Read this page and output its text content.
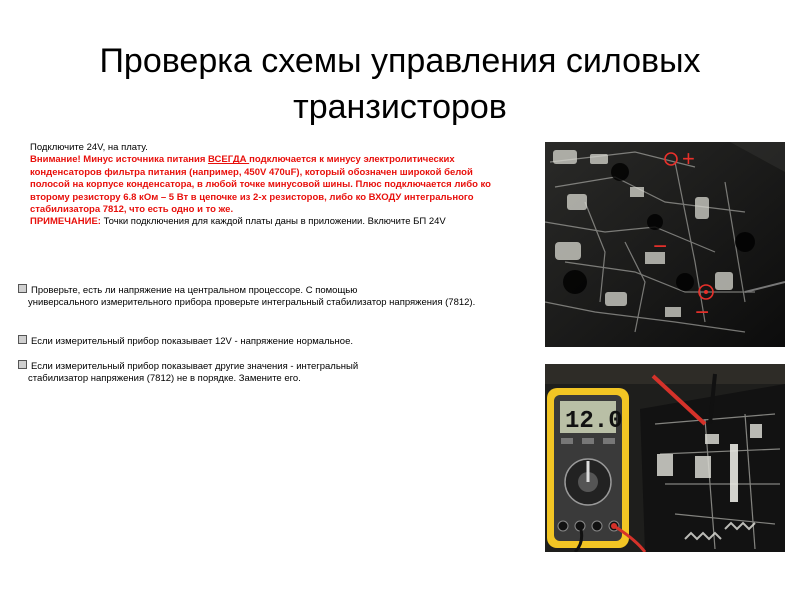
Проверка схемы управления силовых
транзисторов
Подключите 24V, на плату.
Внимание! Минус источника питания ВСЕГДА подключается к минусу электролитических конденсаторов фильтра питания (например, 450V 470uF), который обозначен широкой белой полосой на корпусе конденсатора, в любой точке минусовой шины. Плюс подключается либо ко второму резистору 6.8 кОм – 5 Вт в цепочке из 2-х резисторов, либо ко ВХОДУ интегрального стабилизатора 7812, что есть одно и то же.
ПРИМЕЧАНИЕ: Точки подключения для каждой платы даны в приложении. Включите БП 24V
Проверьте, есть ли напряжение на центральном процессоре. С помощью
универсального измерительного прибора проверьте интегральный стабилизатор напряжения (7812).
Если измерительный прибор показывает 12V - напряжение нормальное.
Если измерительный прибор показывает другие значения - интегральный
стабилизатор напряжения (7812) не в порядке. Замените его.
+
−
−
12.0
